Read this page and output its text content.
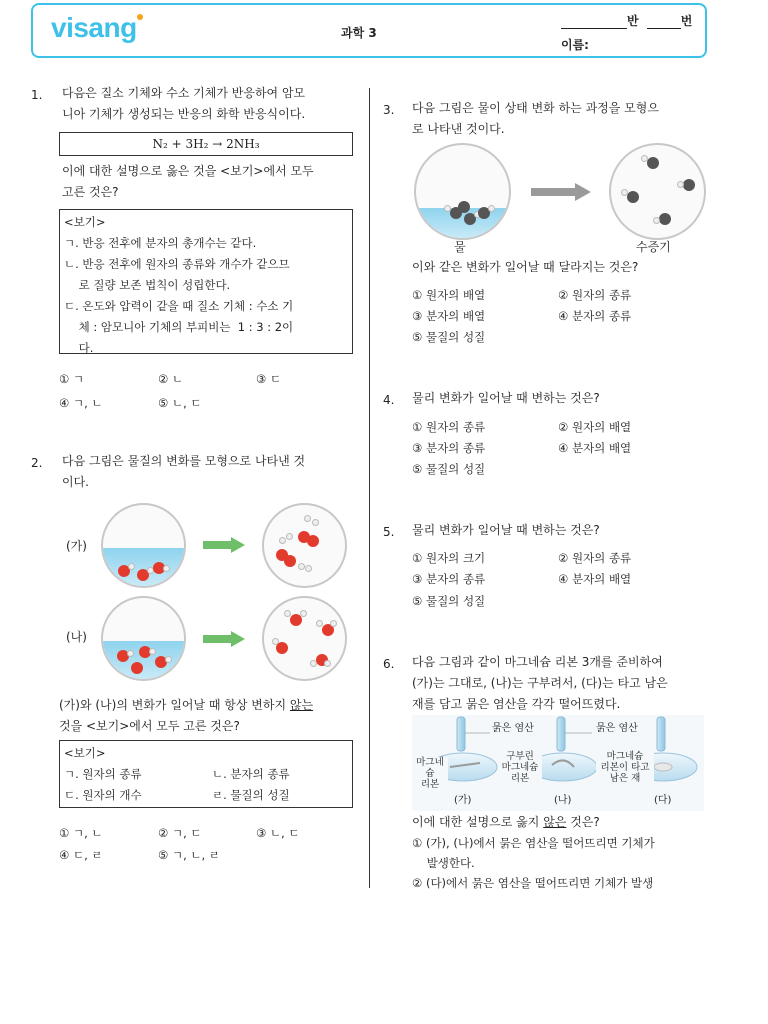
visang	과학 3
반	번
이름:
1. 다음은 질소 기체와 수소 기체가 반응하여 암모
니아 기체가 생성되는 반응의 화학 반응식이다.
N₂ + 3H₂ → 2NH₃
이에 대한 설명으로 옳은 것을 <보기>에서 모두
고른 것은?
<보기>
ㄱ. 반응 전후에 분자의 총개수는 같다.
ㄴ. 반응 전후에 원자의 종류와 개수가 같으므
로 질량 보존 법칙이 성립한다.
ㄷ. 온도와 압력이 같을 때 질소 기체 : 수소 기
체 : 암모니아 기체의 부피비는  1 : 3 : 2이
다.
① ㄱ	② ㄴ	③ ㄷ
④ ㄱ, ㄴ	⑤ ㄴ, ㄷ
2. 다음 그림은 물질의 변화를 모형으로 나타낸 것
이다.
(가)
(나)
(가)와 (나)의 변화가 일어날 때 항상 변하지 않는
것을 <보기>에서 모두 고른 것은?
<보기>
ㄱ. 원자의 종류	ㄴ. 분자의 종류
ㄷ. 원자의 개수	ㄹ. 물질의 성질
① ㄱ, ㄴ	② ㄱ, ㄷ	③ ㄴ, ㄷ
④ ㄷ, ㄹ	⑤ ㄱ, ㄴ, ㄹ
3. 다음 그림은 물이 상태 변화 하는 과정을 모형으
로 나타낸 것이다.
물	수증기
이와 같은 변화가 일어날 때 달라지는 것은?
① 원자의 배열	② 원자의 종류
③ 분자의 배열	④ 분자의 종류
⑤ 물질의 성질
4. 물리 변화가 일어날 때 변하는 것은?
① 원자의 종류	② 원자의 배열
③ 분자의 종류	④ 분자의 배열
⑤ 물질의 성질
5. 물리 변화가 일어날 때 변하는 것은?
① 원자의 크기	② 원자의 종류
③ 분자의 종류	④ 분자의 배열
⑤ 물질의 성질
6. 다음 그림과 같이 마그네슘 리본 3개를 준비하여
(가)는 그대로, (나)는 구부려서, (다)는 타고 남은
재를 담고 묽은 염산을 각각 떨어뜨렸다.
묽은 염산	묽은 염산
마그네슘
리본
구부린
마그네슘
리본
마그네슘
리본이 타고
남은 재
(가)	(나)	(다)
이에 대한 설명으로 옳지 않은 것은?
① (가), (나)에서 묽은 염산을 떨어뜨리면 기체가
발생한다.
② (다)에서 묽은 염산을 떨어뜨리면 기체가 발생
